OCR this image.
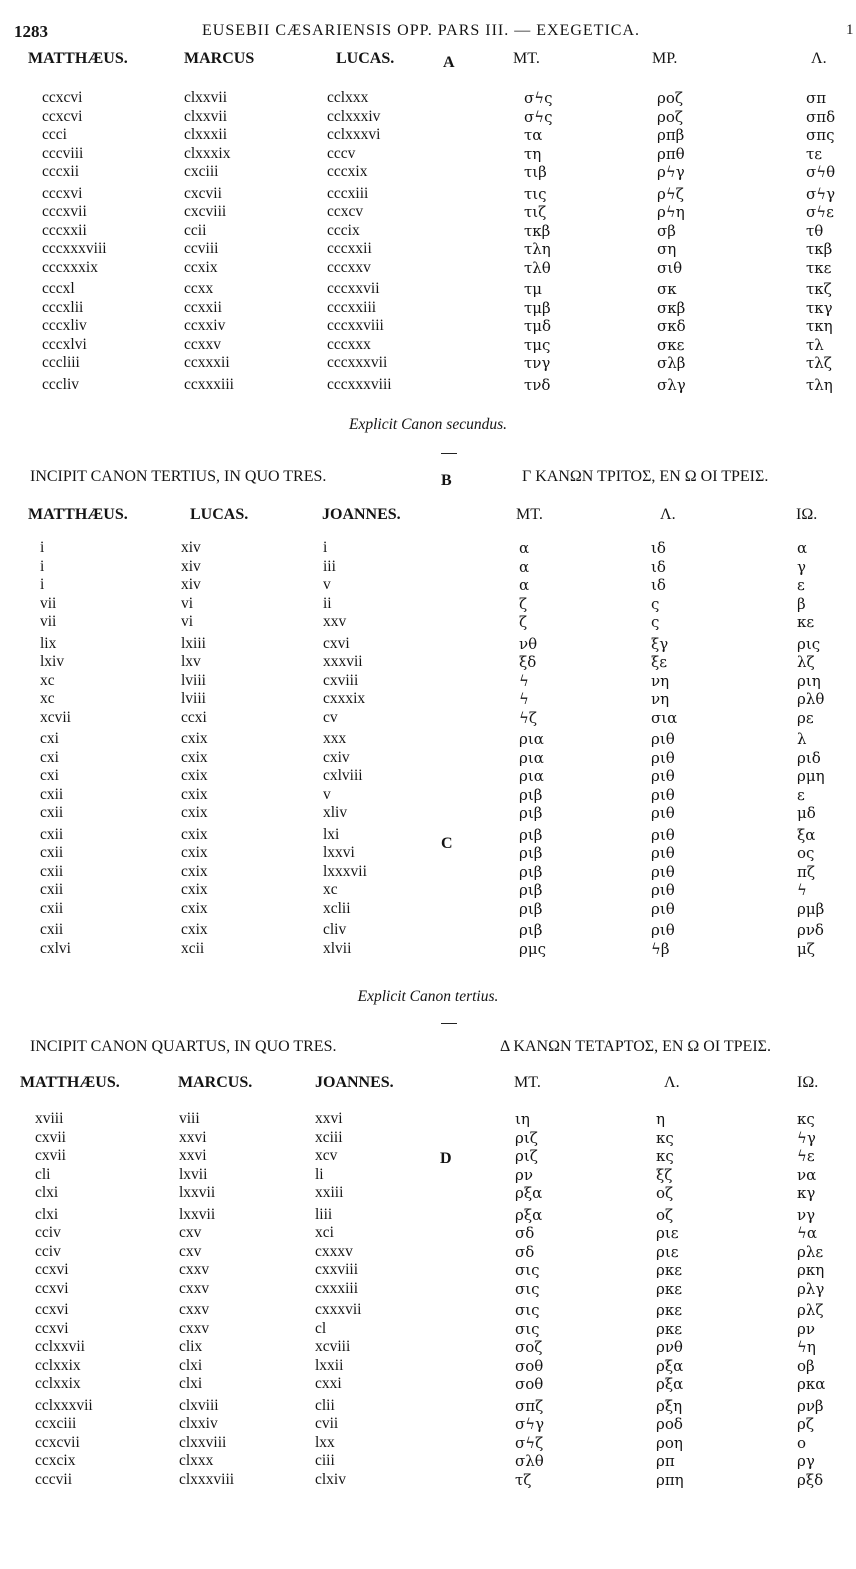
1283	EUSEBII CÆSARIENSIS OPP. PARS III. — EXEGETICA.	1
MATTHÆUS.	MARCUS	LUCAS.	ΜΤ.	ΜΡ.	Λ.
A
ccxcvi	clxxvii	cclxxx	σϟς	ροζ	σπ
ccxcvi	clxxvii	cclxxxiv	σϟς	ροζ	σπδ
ccci	clxxxii	cclxxxvi	τα	ρπβ	σπς
cccviii	clxxxix	cccv	τη	ρπθ	τε
cccxii	cxciii	cccxix	τιβ	ρϟγ	σϟθ
cccxvi	cxcvii	cccxiii	τις	ρϟζ	σϟγ
cccxvii	cxcviii	ccxcv	τιζ	ρϟη	σϟε
cccxxii	ccii	cccix	τκβ	σβ	τθ
cccxxxviii	ccviii	cccxxii	τλη	ση	τκβ
cccxxxix	ccxix	cccxxv	τλθ	σιθ	τκε
cccxl	ccxx	cccxxvii	τμ	σκ	τκζ
cccxlii	ccxxii	cccxxiii	τμβ	σκβ	τκγ
cccxliv	ccxxiv	cccxxviii	τμδ	σκδ	τκη
cccxlvi	ccxxv	cccxxx	τμς	σκε	τλ
cccliii	ccxxxii	cccxxxvii	τνγ	σλβ	τλζ
cccliv	ccxxxiii	cccxxxviii	τνδ	σλγ	τλη
Explicit Canon secundus.
INCIPIT CANON TERTIUS, IN QUO TRES.	Γ ΚΑΝΩΝ ΤΡΙΤΟΣ, ΕΝ Ω ΟΙ ΤΡΕΙΣ.
B
MATTHÆUS.	LUCAS.	JOANNES.	ΜΤ.	Λ.	ΙΩ.
i	xiv	i	α	ιδ	α
i	xiv	iii	α	ιδ	γ
i	xiv	v	α	ιδ	ε
vii	vi	ii	ζ	ς	β
vii	vi	xxv	ζ	ς	κε
lix	lxiii	cxvi	νθ	ξγ	ρις
lxiv	lxv	xxxvii	ξδ	ξε	λζ
xc	lviii	cxviii	ϟ	νη	ριη
xc	lviii	cxxxix	ϟ	νη	ρλθ
xcvii	ccxi	cv	ϟζ	σια	ρε
cxi	cxix	xxx	ρια	ριθ	λ
cxi	cxix	cxiv	ρια	ριθ	ριδ
cxi	cxix	cxlviii	ρια	ριθ	ρμη
cxii	cxix	v	ριβ	ριθ	ε
cxii	cxix	xliv	ριβ	ριθ	μδ
cxii	cxix	lxi	ριβ	ριθ	ξα
cxii	cxix	lxxvi	ριβ	ριθ	ος
cxii	cxix	lxxxvii	ριβ	ριθ	πζ
cxii	cxix	xc	ριβ	ριθ	ϟ
cxii	cxix	xclii	ριβ	ριθ	ρμβ
cxii	cxix	cliv	ριβ	ριθ	ρνδ
cxlvi	xcii	xlvii	ρμς	ϟβ	μζ
C
Explicit Canon tertius.
INCIPIT CANON QUARTUS, IN QUO TRES.	Δ ΚΑΝΩΝ ΤΕΤΑΡΤΟΣ, ΕΝ Ω ΟΙ ΤΡΕΙΣ.
MATTHÆUS.	MARCUS.	JOANNES.	ΜΤ.	Λ.	ΙΩ.
D
xviii	viii	xxvi	ιη	η	κς
cxvii	xxvi	xciii	ριζ	κς	ϟγ
cxvii	xxvi	xcv	ριζ	κς	ϟε
cli	lxvii	li	ρν	ξζ	να
clxi	lxxvii	xxiii	ρξα	οζ	κγ
clxi	lxxvii	liii	ρξα	οζ	νγ
cciv	cxv	xci	σδ	ριε	ϟα
cciv	cxv	cxxxv	σδ	ριε	ρλε
ccxvi	cxxv	cxxviii	σις	ρκε	ρκη
ccxvi	cxxv	cxxxiii	σις	ρκε	ρλγ
ccxvi	cxxv	cxxxvii	σις	ρκε	ρλζ
ccxvi	cxxv	cl	σις	ρκε	ρν
cclxxvii	clix	xcviii	σοζ	ρνθ	ϟη
cclxxix	clxi	lxxii	σοθ	ρξα	οβ
cclxxix	clxi	cxxi	σοθ	ρξα	ρκα
cclxxxvii	clxviii	clii	σπζ	ρξη	ρνβ
ccxciii	clxxiv	cvii	σϟγ	ροδ	ρζ
ccxcvii	clxxviii	lxx	σϟζ	ροη	ο
ccxcix	clxxx	ciii	σλθ	ρπ	ργ
cccvii	clxxxviii	clxiv	τζ	ρπη	ρξδ
